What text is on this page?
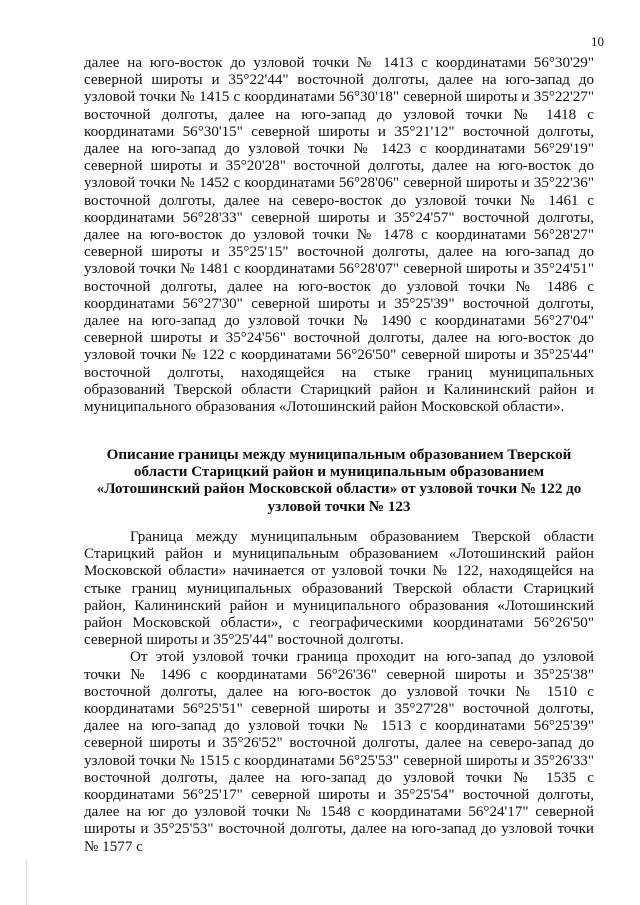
10

далее на юго-восток до узловой точки № 1413 с координатами 56°30'29" северной широты и 35°22'44" восточной долготы, далее на юго-запад до узловой точки № 1415 с координатами 56°30'18" северной широты и 35°22'27" восточной долготы, далее на юго-запад до узловой точки № 1418 с координатами 56°30'15" северной широты и 35°21'12" восточной долготы, далее на юго-запад до узловой точки № 1423 с координатами 56°29'19" северной широты и 35°20'28" восточной долготы, далее на юго-восток до узловой точки № 1452 с координатами 56°28'06" северной широты и 35°22'36" восточной долготы, далее на северо-восток до узловой точки № 1461 с координатами 56°28'33" северной широты и 35°24'57" восточной долготы, далее на юго-восток до узловой точки № 1478 с координатами 56°28'27" северной широты и 35°25'15" восточной долготы, далее на юго-запад до узловой точки № 1481 с координатами 56°28'07" северной широты и 35°24'51" восточной долготы, далее на юго-восток до узловой точки № 1486 с координатами 56°27'30" северной широты и 35°25'39" восточной долготы, далее на юго-запад до узловой точки № 1490 с координатами 56°27'04" северной широты и 35°24'56" восточной долготы, далее на юго-восток до узловой точки № 122 с координатами 56°26'50" северной широты и 35°25'44" восточной долготы, находящейся на стыке границ муниципальных образований Тверской области Старицкий район и Калининский район и муниципального образования «Лотошинский район Московской области».

Описание границы между муниципальным образованием Тверской области Старицкий район и муниципальным образованием «Лотошинский район Московской области» от узловой точки № 122 до узловой точки № 123

Граница между муниципальным образованием Тверской области Старицкий район и муниципальным образованием «Лотошинский район Московской области» начинается от узловой точки № 122, находящейся на стыке границ муниципальных образований Тверской области Старицкий район, Калининский район и муниципального образования «Лотошинский район Московской области», с географическими координатами 56°26'50" северной широты и 35°25'44" восточной долготы.

От этой узловой точки граница проходит на юго-запад до узловой точки № 1496 с координатами 56°26'36" северной широты и 35°25'38" восточной долготы, далее на юго-восток до узловой точки № 1510 с координатами 56°25'51" северной широты и 35°27'28" восточной долготы, далее на юго-запад до узловой точки № 1513 с координатами 56°25'39" северной широты и 35°26'52" восточной долготы, далее на северо-запад до узловой точки № 1515 с координатами 56°25'53" северной широты и 35°26'33" восточной долготы, далее на юго-запад до узловой точки № 1535 с координатами 56°25'17" северной широты и 35°25'54" восточной долготы, далее на юг до узловой точки № 1548 с координатами 56°24'17" северной широты и 35°25'53" восточной долготы, далее на юго-запад до узловой точки № 1577 с
